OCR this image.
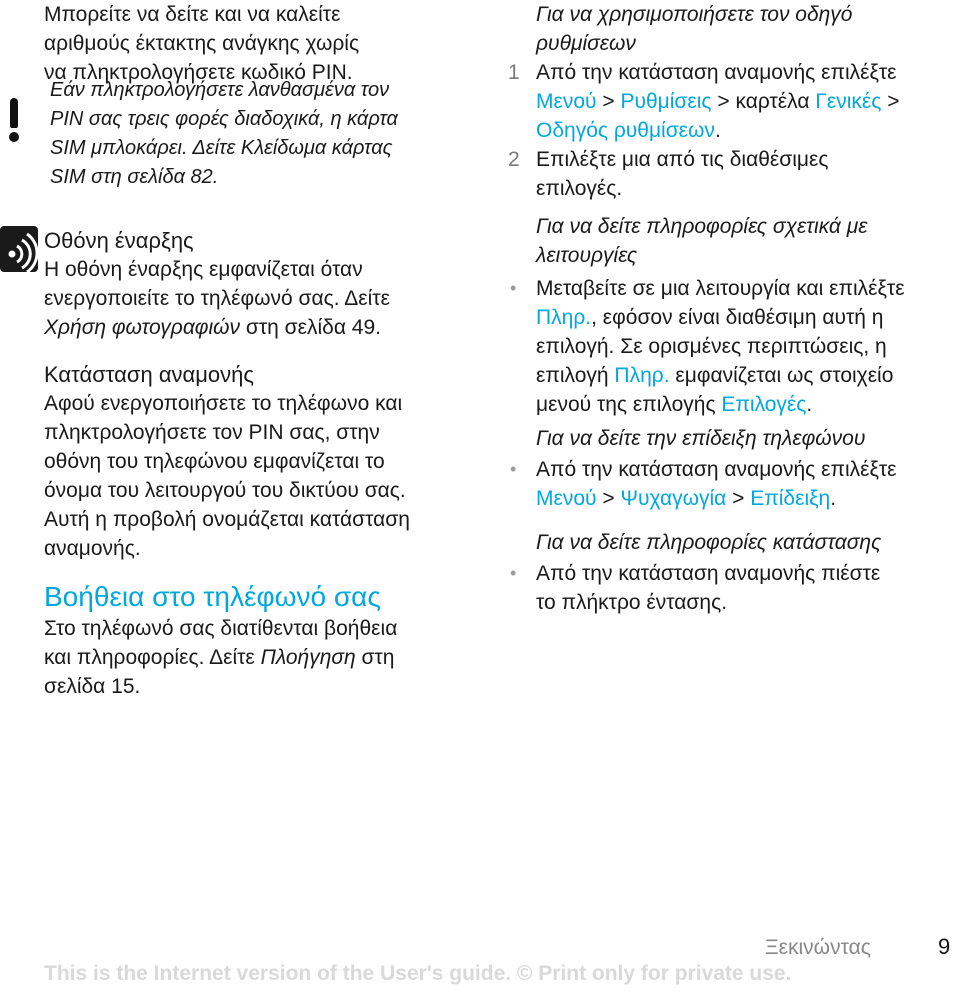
Μπορείτε να δείτε και να καλείτε

αριθμούς έκτακτης ανάγκης χωρίς

να πληκτρολογήσετε κωδικό PIN.

Εάν πληκτρολογήσετε λανθασμένα τον

PIN σας τρεις φορές διαδοχικά, η κάρτα

SIM μπλοκάρει. Δείτε Κλείδωμα κάρτας

SIM στη σελίδα 82.

Οθόνη έναρξης

Η οθόνη έναρξης εμφανίζεται όταν

ενεργοποιείτε το τηλέφωνό σας. Δείτε

Χρήση φωτογραφιών στη σελίδα 49.

Κατάσταση αναμονής

Αφού ενεργοποιήσετε το τηλέφωνο και

πληκτρολογήσετε τον PIN σας, στην

οθόνη του τηλεφώνου εμφανίζεται το

όνομα του λειτουργού του δικτύου σας.

Αυτή η προβολή ονομάζεται κατάσταση

αναμονής.

Βοήθεια στο τηλέφωνό σας

Στο τηλέφωνό σας διατίθενται βοήθεια

και πληροφορίες. Δείτε Πλοήγηση στη

σελίδα 15.

Για να χρησιμοποιήσετε τον οδηγό

ρυθμίσεων

1 Από την κατάσταση αναμονής επιλέξτε

Μενού > Ρυθμίσεις > καρτέλα Γενικές >

Οδηγός ρυθμίσεων.

2 Επιλέξτε μια από τις διαθέσιμες

επιλογές.

Για να δείτε πληροφορίες σχετικά με

λειτουργίες

• Μεταβείτε σε μια λειτουργία και επιλέξτε

Πληρ., εφόσον είναι διαθέσιμη αυτή η

επιλογή. Σε ορισμένες περιπτώσεις, η

επιλογή Πληρ. εμφανίζεται ως στοιχείο

μενού της επιλογής Επιλογές.

Για να δείτε την επίδειξη τηλεφώνου

• Από την κατάσταση αναμονής επιλέξτε

Μενού > Ψυχαγωγία > Επίδειξη.

Για να δείτε πληροφορίες κατάστασης

• Από την κατάσταση αναμονής πιέστε

το πλήκτρο έντασης.

Ξεκινώντας	9
This is the Internet version of the User's guide. © Print only for private use.
